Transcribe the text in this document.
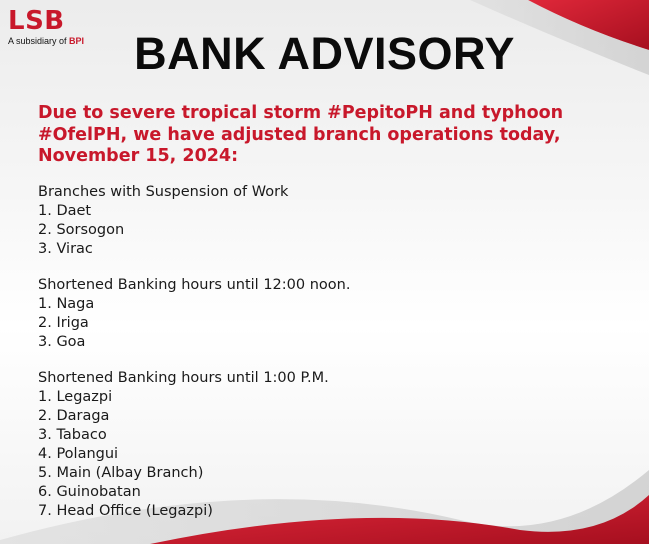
LSB
A subsidiary of BPI	BANK ADVISORY

Due to severe tropical storm #PepitoPH and typhoon #OfelPH, we have adjusted branch operations today, November 15, 2024:

Branches with Suspension of Work

1. Daet
2. Sorsogon
3. Virac

Shortened Banking hours until 12:00 noon.

1. Naga
2. Iriga
3. Goa

Shortened Banking hours until 1:00 P.M.

1. Legazpi
2. Daraga
3. Tabaco
4. Polangui
5. Main (Albay Branch)
6. Guinobatan
7. Head Office (Legazpi)
